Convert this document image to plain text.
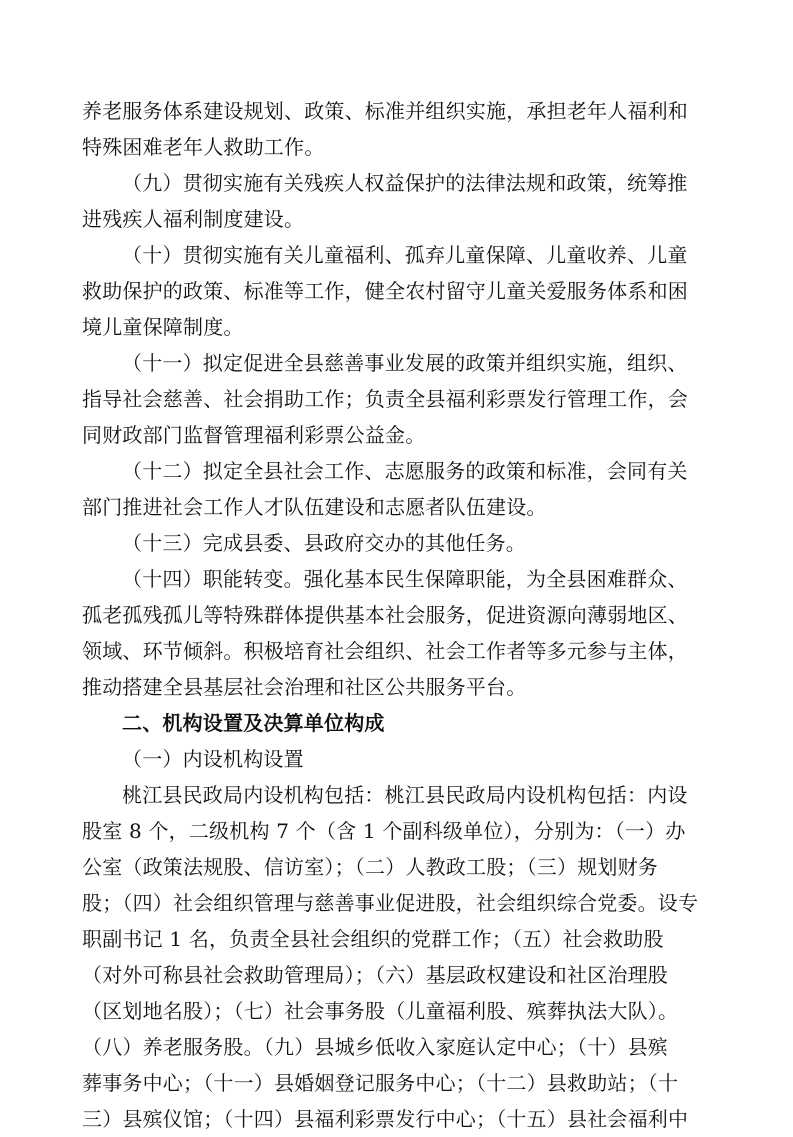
养老服务体系建设规划、政策、标准并组织实施，承担老年人福利和
特殊困难老年人救助工作。
（九）贯彻实施有关残疾人权益保护的法律法规和政策，统筹推
进残疾人福利制度建设。
（十）贯彻实施有关儿童福利、孤弃儿童保障、儿童收养、儿童
救助保护的政策、标准等工作，健全农村留守儿童关爱服务体系和困
境儿童保障制度。
（十一）拟定促进全县慈善事业发展的政策并组织实施，组织、
指导社会慈善、社会捐助工作；负责全县福利彩票发行管理工作，会
同财政部门监督管理福利彩票公益金。
（十二）拟定全县社会工作、志愿服务的政策和标准，会同有关
部门推进社会工作人才队伍建设和志愿者队伍建设。
（十三）完成县委、县政府交办的其他任务。
（十四）职能转变。强化基本民生保障职能，为全县困难群众、
孤老孤残孤儿等特殊群体提供基本社会服务，促进资源向薄弱地区、
领域、环节倾斜。积极培育社会组织、社会工作者等多元参与主体，
推动搭建全县基层社会治理和社区公共服务平台。
二、机构设置及决算单位构成
（一）内设机构设置
桃江县民政局内设机构包括：桃江县民政局内设机构包括：内设
股室 8 个，二级机构 7 个（含 1 个副科级单位），分别为：（一）办
公室（政策法规股、信访室）；（二）人教政工股；（三）规划财务
股；（四）社会组织管理与慈善事业促进股，社会组织综合党委。设专
职副书记 1 名，负责全县社会组织的党群工作；（五）社会救助股
（对外可称县社会救助管理局）；（六）基层政权建设和社区治理股
（区划地名股）；（七）社会事务股（儿童福利股、殡葬执法大队）。
（八）养老服务股。（九）县城乡低收入家庭认定中心；（十）县殡
葬事务中心；（十一）县婚姻登记服务中心；（十二）县救助站；（十
三）县殡仪馆；（十四）县福利彩票发行中心；（十五）县社会福利中
